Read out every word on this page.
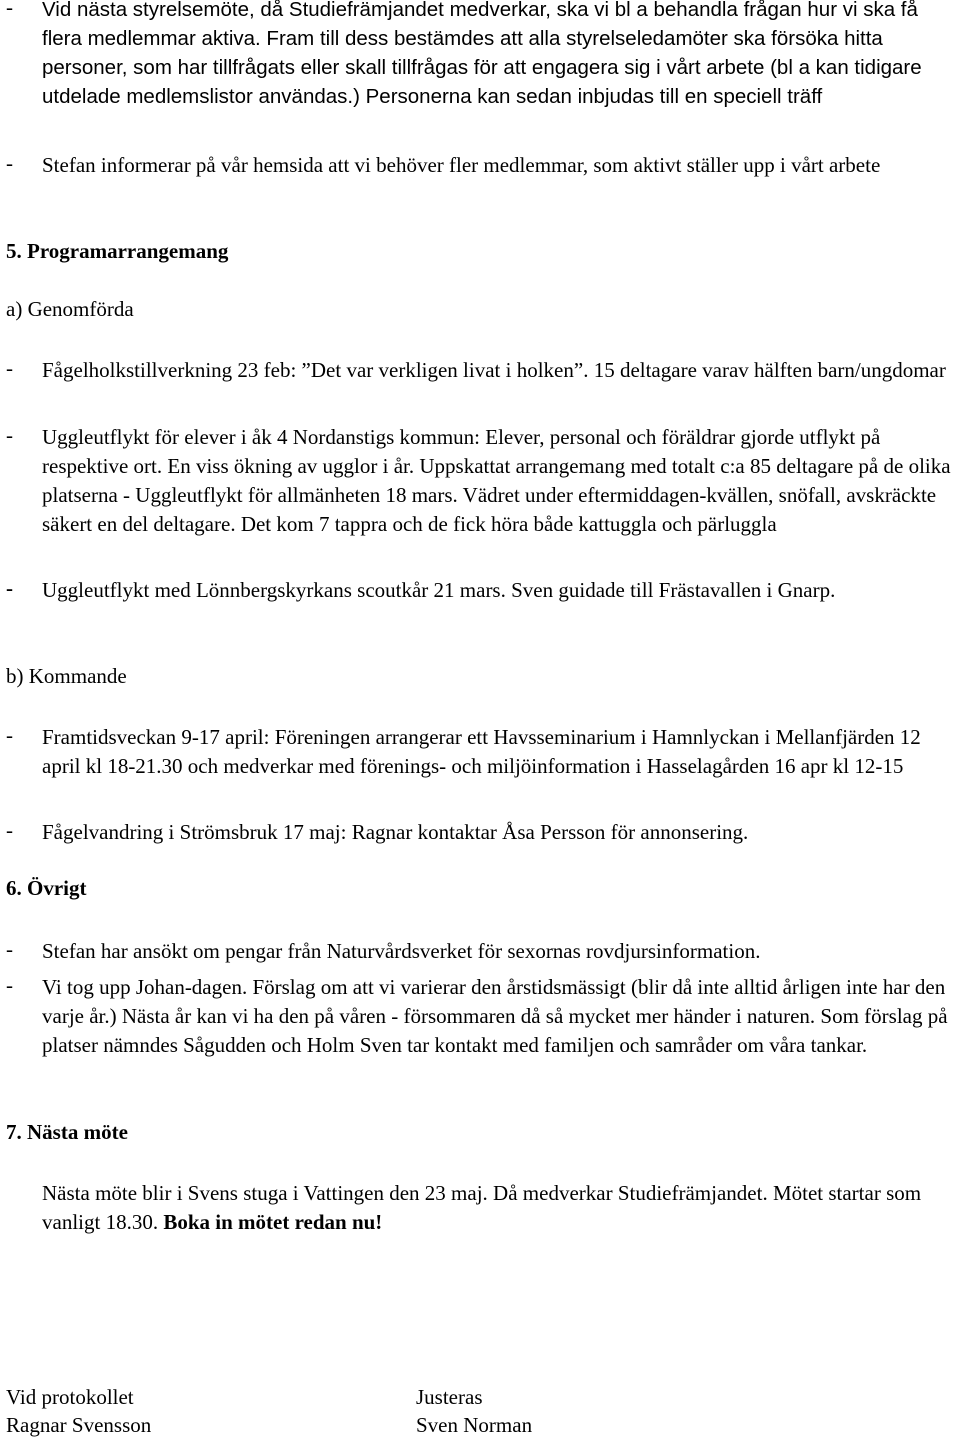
- Vid nästa styrelsemöte, då Studiefrämjandet medverkar, ska vi bl a behandla frågan hur vi ska få flera medlemmar aktiva. Fram till dess bestämdes att alla styrelseledamöter ska försöka hitta personer, som har tillfrågats eller skall tillfrågas för att engagera sig i vårt arbete (bl a kan tidigare utdelade medlemslistor användas.) Personerna kan sedan inbjudas till en speciell träff
- Stefan informerar på vår hemsida att vi behöver fler medlemmar, som aktivt ställer upp i vårt arbete
5. Programarrangemang
a) Genomförda
- Fågelholkstillverkning 23 feb: ”Det var verkligen livat i holken”. 15 deltagare varav hälften barn/ungdomar
- Uggleutflykt för elever i åk 4 Nordanstigs kommun: Elever, personal och föräldrar gjorde utflykt på respektive ort. En viss ökning av ugglor i år. Uppskattat arrangemang med totalt c:a 85 deltagare på de olika platserna - Uggleutflykt för allmänheten 18 mars. Vädret under eftermiddagen-kvällen, snöfall, avskräckte säkert en del deltagare. Det kom 7 tappra och de fick höra både kattuggla och pärluggla
- Uggleutflykt med Lönnbergskyrkans scoutkår 21 mars. Sven guidade till Frästavallen i Gnarp.
b) Kommande
- Framtidsveckan 9-17 april: Föreningen arrangerar ett Havsseminarium i Hamnlyckan i Mellanfjärden 12 april kl 18-21.30 och medverkar med förenings- och miljöinformation i Hasselagården 16 apr kl 12-15
- Fågelvandring i Strömsbruk 17 maj: Ragnar kontaktar Åsa Persson för annonsering.
6. Övrigt
- Stefan har ansökt om pengar från Naturvårdsverket för sexornas rovdjursinformation.
- Vi tog upp Johan-dagen. Förslag om att vi varierar den årstidsmässigt (blir då inte alltid årligen inte har den varje år.) Nästa år kan vi ha den på våren - försommaren då så mycket mer händer i naturen. Som förslag på platser nämndes Sågudden och Holm Sven tar kontakt med familjen och samråder om våra tankar.
7. Nästa möte
Nästa möte blir i Svens stuga i Vattingen den 23 maj. Då medverkar Studiefrämjandet. Mötet startar som vanligt 18.30. Boka in mötet redan nu!
Vid protokollet
Ragnar Svensson
Justeras
Sven Norman
